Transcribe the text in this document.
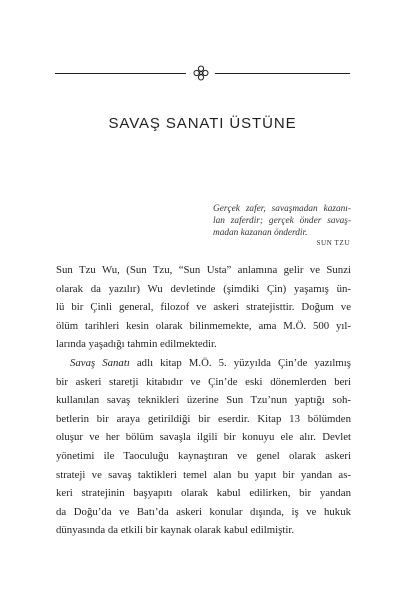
SAVAŞ SANATI ÜSTÜNE
Gerçek zafer, savaşmadan kazanı-
lan zaferdir; gerçek önder savaş-
madan kazanan önderdir.
SUN TZU

Sun Tzu Wu, (Sun Tzu, “Sun Usta” anlamına gelir ve Sunzi
olarak da yazılır) Wu devletinde (şimdiki Çin) yaşamış ün-
lü bir Çinli general, filozof ve askeri stratejisttir. Doğum ve
ölüm tarihleri kesin olarak bilinmemekte, ama M.Ö. 500 yıl-
larında yaşadığı tahmin edilmektedir.

Savaş Sanatı adlı kitap M.Ö. 5. yüzyılda Çin’de yazılmış
bir askeri staretji kitabıdır ve Çin’de eski dönemlerden beri
kullanılan savaş teknikleri üzerine Sun Tzu’nun yaptığı soh-
betlerin bir araya getirildiği bir eserdir. Kitap 13 bölümden
oluşur ve her bölüm savaşla ilgili bir konuyu ele alır. Devlet
yönetimi ile Taoculuğu kaynaştıran ve genel olarak askeri
strateji ve savaş taktikleri temel alan bu yapıt bir yandan as-
keri stratejinin başyapıtı olarak kabul edilirken, bir yandan
da Doğu’da ve Batı’da askeri konular dışında, iş ve hukuk
dünyasında da etkili bir kaynak olarak kabul edilmiştir.
